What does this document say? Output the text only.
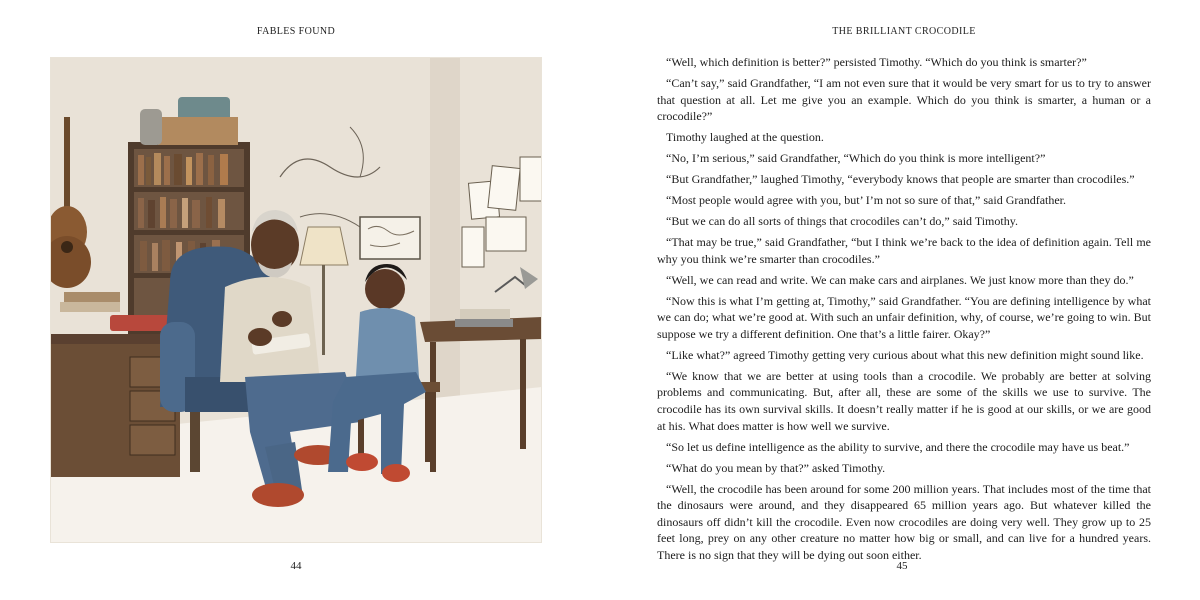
FABLES FOUND
44
THE BRILLIANT CROCODILE

“Well, which definition is better?” persisted Timothy. “Which do you think is smarter?”

“Can’t say,” said Grandfather, “I am not even sure that it would be very smart for us to try to answer that question at all. Let me give you an example. Which do you think is smarter, a human or a crocodile?”

Timothy laughed at the question.

“No, I’m serious,” said Grandfather, “Which do you think is more intelligent?”

“But Grandfather,” laughed Timothy, “everybody knows that people are smarter than crocodiles.”

“Most people would agree with you, but’ I’m not so sure of that,” said Grandfather.

“But we can do all sorts of things that crocodiles can’t do,” said Timothy.

“That may be true,” said Grandfather, “but I think we’re back to the idea of definition again. Tell me why you think we’re smarter than crocodiles.”

“Well, we can read and write. We can make cars and airplanes. We just know more than they do.”

“Now this is what I’m getting at, Timothy,” said Grandfather. “You are defining intelligence by what we can do; what we’re good at. With such an unfair definition, why, of course, we’re going to win. But suppose we try a different definition. One that’s a little fairer. Okay?”

“Like what?” agreed Timothy getting very curious about what this new definition might sound like.

“We know that we are better at using tools than a crocodile. We probably are better at solving problems and communicating. But, after all, these are some of the skills we use to survive. The crocodile has its own survival skills. It doesn’t really matter if he is good at our skills, or we are good at his. What does matter is how well we survive.

“So let us define intelligence as the ability to survive, and there the crocodile may have us beat.”

“What do you mean by that?” asked Timothy.

“Well, the crocodile has been around for some 200 million years. That includes most of the time that the dinosaurs were around, and they disappeared 65 million years ago. But whatever killed the dinosaurs off didn’t kill the crocodile. Even now crocodiles are doing very well. They grow up to 25 feet long, prey on any other creature no matter how big or small, and can live for a hundred years. There is no sign that they will be dying out soon either.

45
